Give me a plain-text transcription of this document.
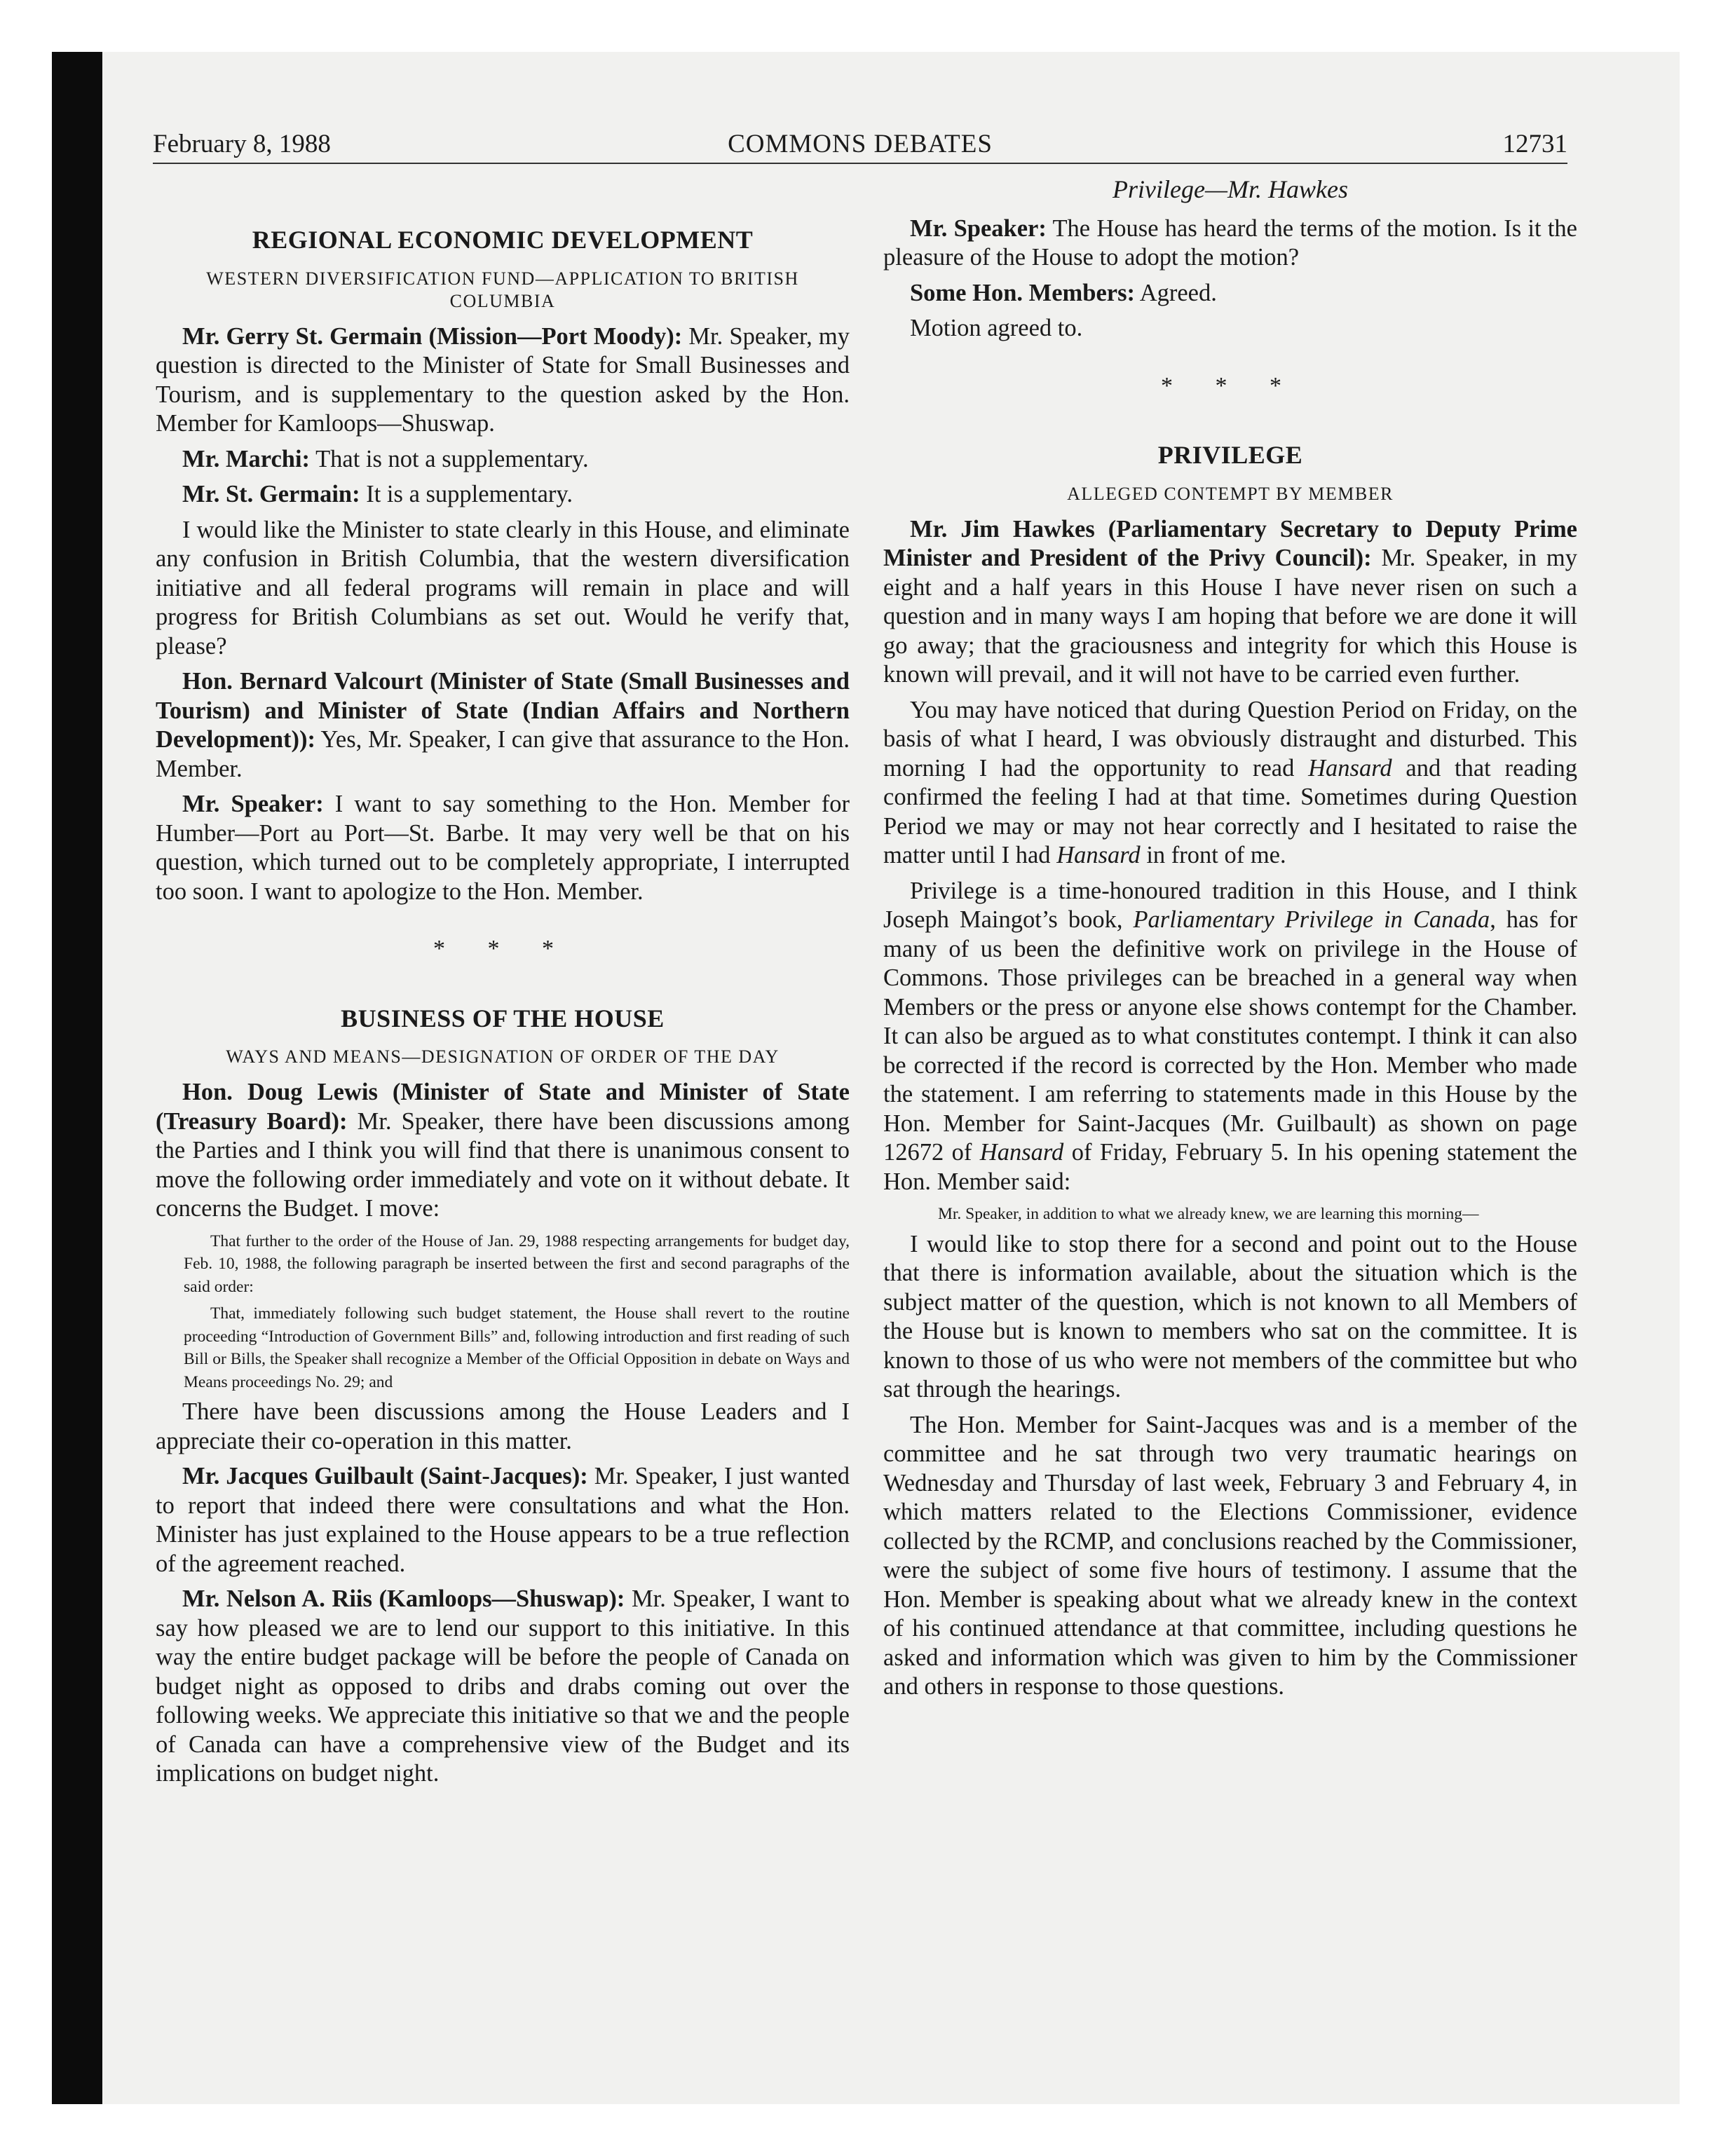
February 8, 1988	COMMONS DEBATES	12731
REGIONAL ECONOMIC DEVELOPMENT
WESTERN DIVERSIFICATION FUND—APPLICATION TO BRITISH COLUMBIA

Mr. Gerry St. Germain (Mission—Port Moody): Mr. Speaker, my question is directed to the Minister of State for Small Businesses and Tourism, and is supplementary to the question asked by the Hon. Member for Kamloops—Shuswap.

Mr. Marchi: That is not a supplementary.

Mr. St. Germain: It is a supplementary.

I would like the Minister to state clearly in this House, and eliminate any confusion in British Columbia, that the western diversification initiative and all federal programs will remain in place and will progress for British Columbians as set out. Would he verify that, please?

Hon. Bernard Valcourt (Minister of State (Small Businesses and Tourism) and Minister of State (Indian Affairs and Northern Development)): Yes, Mr. Speaker, I can give that assurance to the Hon. Member.

Mr. Speaker: I want to say something to the Hon. Member for Humber—Port au Port—St. Barbe. It may very well be that on his question, which turned out to be completely appropriate, I interrupted too soon. I want to apologize to the Hon. Member.

* * *
BUSINESS OF THE HOUSE
WAYS AND MEANS—DESIGNATION OF ORDER OF THE DAY

Hon. Doug Lewis (Minister of State and Minister of State (Treasury Board): Mr. Speaker, there have been discussions among the Parties and I think you will find that there is unanimous consent to move the following order immediately and vote on it without debate. It concerns the Budget. I move:

That further to the order of the House of Jan. 29, 1988 respecting arrangements for budget day, Feb. 10, 1988, the following paragraph be inserted between the first and second paragraphs of the said order:
That, immediately following such budget statement, the House shall revert to the routine proceeding “Introduction of Government Bills” and, following introduction and first reading of such Bill or Bills, the Speaker shall recognize a Member of the Official Opposition in debate on Ways and Means proceedings No. 29; and

There have been discussions among the House Leaders and I appreciate their co-operation in this matter.

Mr. Jacques Guilbault (Saint-Jacques): Mr. Speaker, I just wanted to report that indeed there were consultations and what the Hon. Minister has just explained to the House appears to be a true reflection of the agreement reached.

Mr. Nelson A. Riis (Kamloops—Shuswap): Mr. Speaker, I want to say how pleased we are to lend our support to this initiative. In this way the entire budget package will be before the people of Canada on budget night as opposed to dribs and drabs coming out over the following weeks. We appreciate this initiative so that we and the people of Canada can have a comprehensive view of the Budget and its implications on budget night.

Privilege—Mr. Hawkes

Mr. Speaker: The House has heard the terms of the motion. Is it the pleasure of the House to adopt the motion?

Some Hon. Members: Agreed.

Motion agreed to.

* * *
PRIVILEGE
ALLEGED CONTEMPT BY MEMBER

Mr. Jim Hawkes (Parliamentary Secretary to Deputy Prime Minister and President of the Privy Council): Mr. Speaker, in my eight and a half years in this House I have never risen on such a question and in many ways I am hoping that before we are done it will go away; that the graciousness and integrity for which this House is known will prevail, and it will not have to be carried even further.

You may have noticed that during Question Period on Friday, on the basis of what I heard, I was obviously distraught and disturbed. This morning I had the opportunity to read Hansard and that reading confirmed the feeling I had at that time. Sometimes during Question Period we may or may not hear correctly and I hesitated to raise the matter until I had Hansard in front of me.

Privilege is a time-honoured tradition in this House, and I think Joseph Maingot’s book, Parliamentary Privilege in Canada, has for many of us been the definitive work on privilege in the House of Commons. Those privileges can be breached in a general way when Members or the press or anyone else shows contempt for the Chamber. It can also be argued as to what constitutes contempt. I think it can also be corrected if the record is corrected by the Hon. Member who made the statement. I am referring to statements made in this House by the Hon. Member for Saint-Jacques (Mr. Guilbault) as shown on page 12672 of Hansard of Friday, February 5. In his opening statement the Hon. Member said:

Mr. Speaker, in addition to what we already knew, we are learning this morning—

I would like to stop there for a second and point out to the House that there is information available, about the situation which is the subject matter of the question, which is not known to all Members of the House but is known to members who sat on the committee. It is known to those of us who were not members of the committee but who sat through the hearings.

The Hon. Member for Saint-Jacques was and is a member of the committee and he sat through two very traumatic hearings on Wednesday and Thursday of last week, February 3 and February 4, in which matters related to the Elections Commissioner, evidence collected by the RCMP, and conclusions reached by the Commissioner, were the subject of some five hours of testimony. I assume that the Hon. Member is speaking about what we already knew in the context of his continued attendance at that committee, including questions he asked and information which was given to him by the Commissioner and others in response to those questions.
